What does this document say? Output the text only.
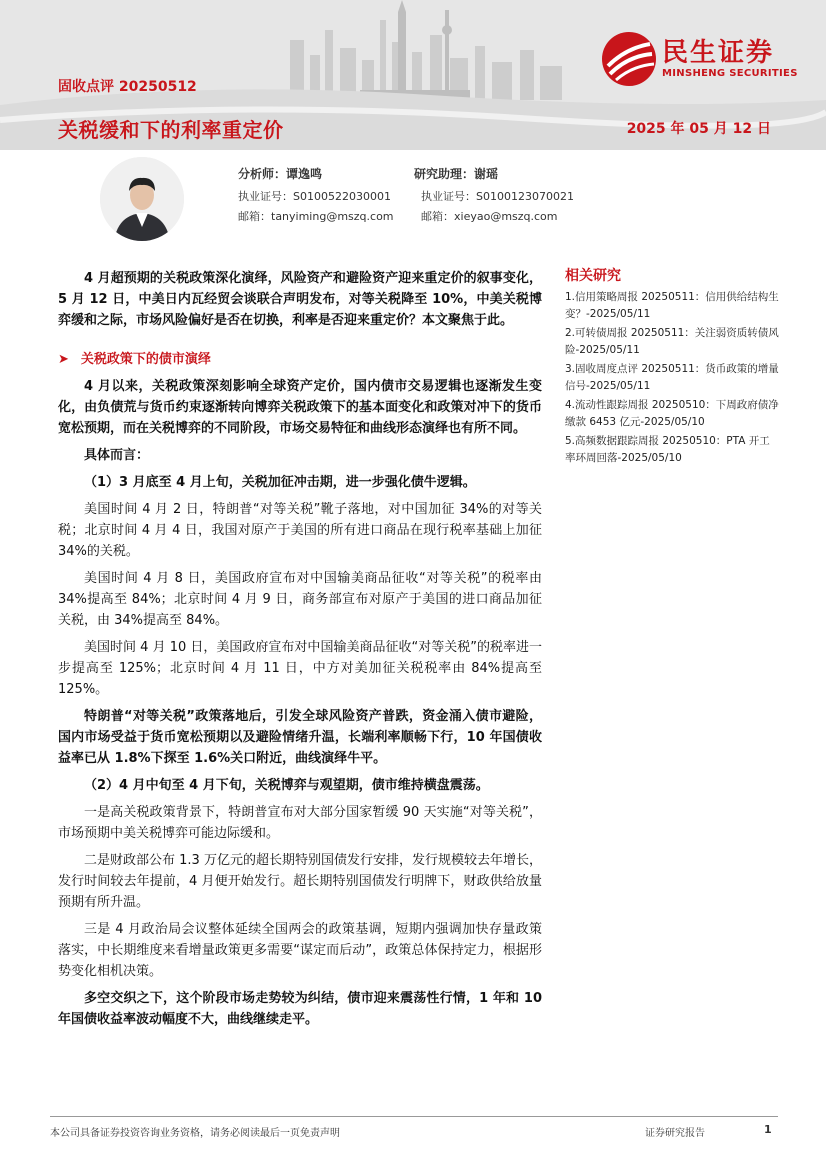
固收点评 20250512
关税缓和下的利率重定价	2025 年 05 月 12 日
民生证券
MINSHENG SECURITIES
分析师：谭逸鸣
执业证号：S0100522030001
邮箱：tanyiming@mszq.com
研究助理：谢瑶
执业证号：S0100123070021
邮箱：xieyao@mszq.com

4 月超预期的关税政策深化演绎，风险资产和避险资产迎来重定价的叙事变化，5 月 12 日，中美日内瓦经贸会谈联合声明发布，对等关税降至 10%，中美关税博弈缓和之际，市场风险偏好是否在切换，利率是否迎来重定价？本文聚焦于此。

➤ 关税政策下的债市演绎

4 月以来，关税政策深刻影响全球资产定价，国内债市交易逻辑也逐渐发生变化，由负债荒与货币约束逐渐转向博弈关税政策下的基本面变化和政策对冲下的货币宽松预期，而在关税博弈的不同阶段，市场交易特征和曲线形态演绎也有所不同。

具体而言：

（1）3 月底至 4 月上旬，关税加征冲击期，进一步强化债牛逻辑。

美国时间 4 月 2 日，特朗普“对等关税”靴子落地，对中国加征 34%的对等关税；北京时间 4 月 4 日，我国对原产于美国的所有进口商品在现行税率基础上加征 34%的关税。

美国时间 4 月 8 日，美国政府宣布对中国输美商品征收“对等关税”的税率由 34%提高至 84%；北京时间 4 月 9 日，商务部宣布对原产于美国的进口商品加征关税，由 34%提高至 84%。

美国时间 4 月 10 日，美国政府宣布对中国输美商品征收“对等关税”的税率进一步提高至 125%；北京时间 4 月 11 日，中方对美加征关税税率由 84%提高至 125%。

特朗普“对等关税”政策落地后，引发全球风险资产普跌，资金涌入债市避险，国内市场受益于货币宽松预期以及避险情绪升温，长端利率顺畅下行，10 年国债收益率已从 1.8%下探至 1.6%关口附近，曲线演绎牛平。

（2）4 月中旬至 4 月下旬，关税博弈与观望期，债市维持横盘震荡。

一是高关税政策背景下，特朗普宣布对大部分国家暂缓 90 天实施“对等关税”，市场预期中美关税博弈可能边际缓和。

二是财政部公布 1.3 万亿元的超长期特别国债发行安排，发行规模较去年增长，发行时间较去年提前，4 月便开始发行。超长期特别国债发行明牌下，财政供给放量预期有所升温。

三是 4 月政治局会议整体延续全国两会的政策基调，短期内强调加快存量政策落实，中长期维度来看增量政策更多需要“谋定而后动”，政策总体保持定力，根据形势变化相机决策。

多空交织之下，这个阶段市场走势较为纠结，债市迎来震荡性行情，1 年和 10 年国债收益率波动幅度不大，曲线继续走平。

相关研究
1.信用策略周报 20250511：信用供给结构生变？-2025/05/11
2.可转债周报 20250511：关注弱资质转债风险-2025/05/11
3.固收周度点评 20250511：货币政策的增量信号-2025/05/11
4.流动性跟踪周报 20250510：下周政府债净缴款 6453 亿元-2025/05/10
5.高频数据跟踪周报 20250510：PTA 开工率环周回落-2025/05/10
本公司具备证券投资咨询业务资格，请务必阅读最后一页免责声明	证券研究报告	1
